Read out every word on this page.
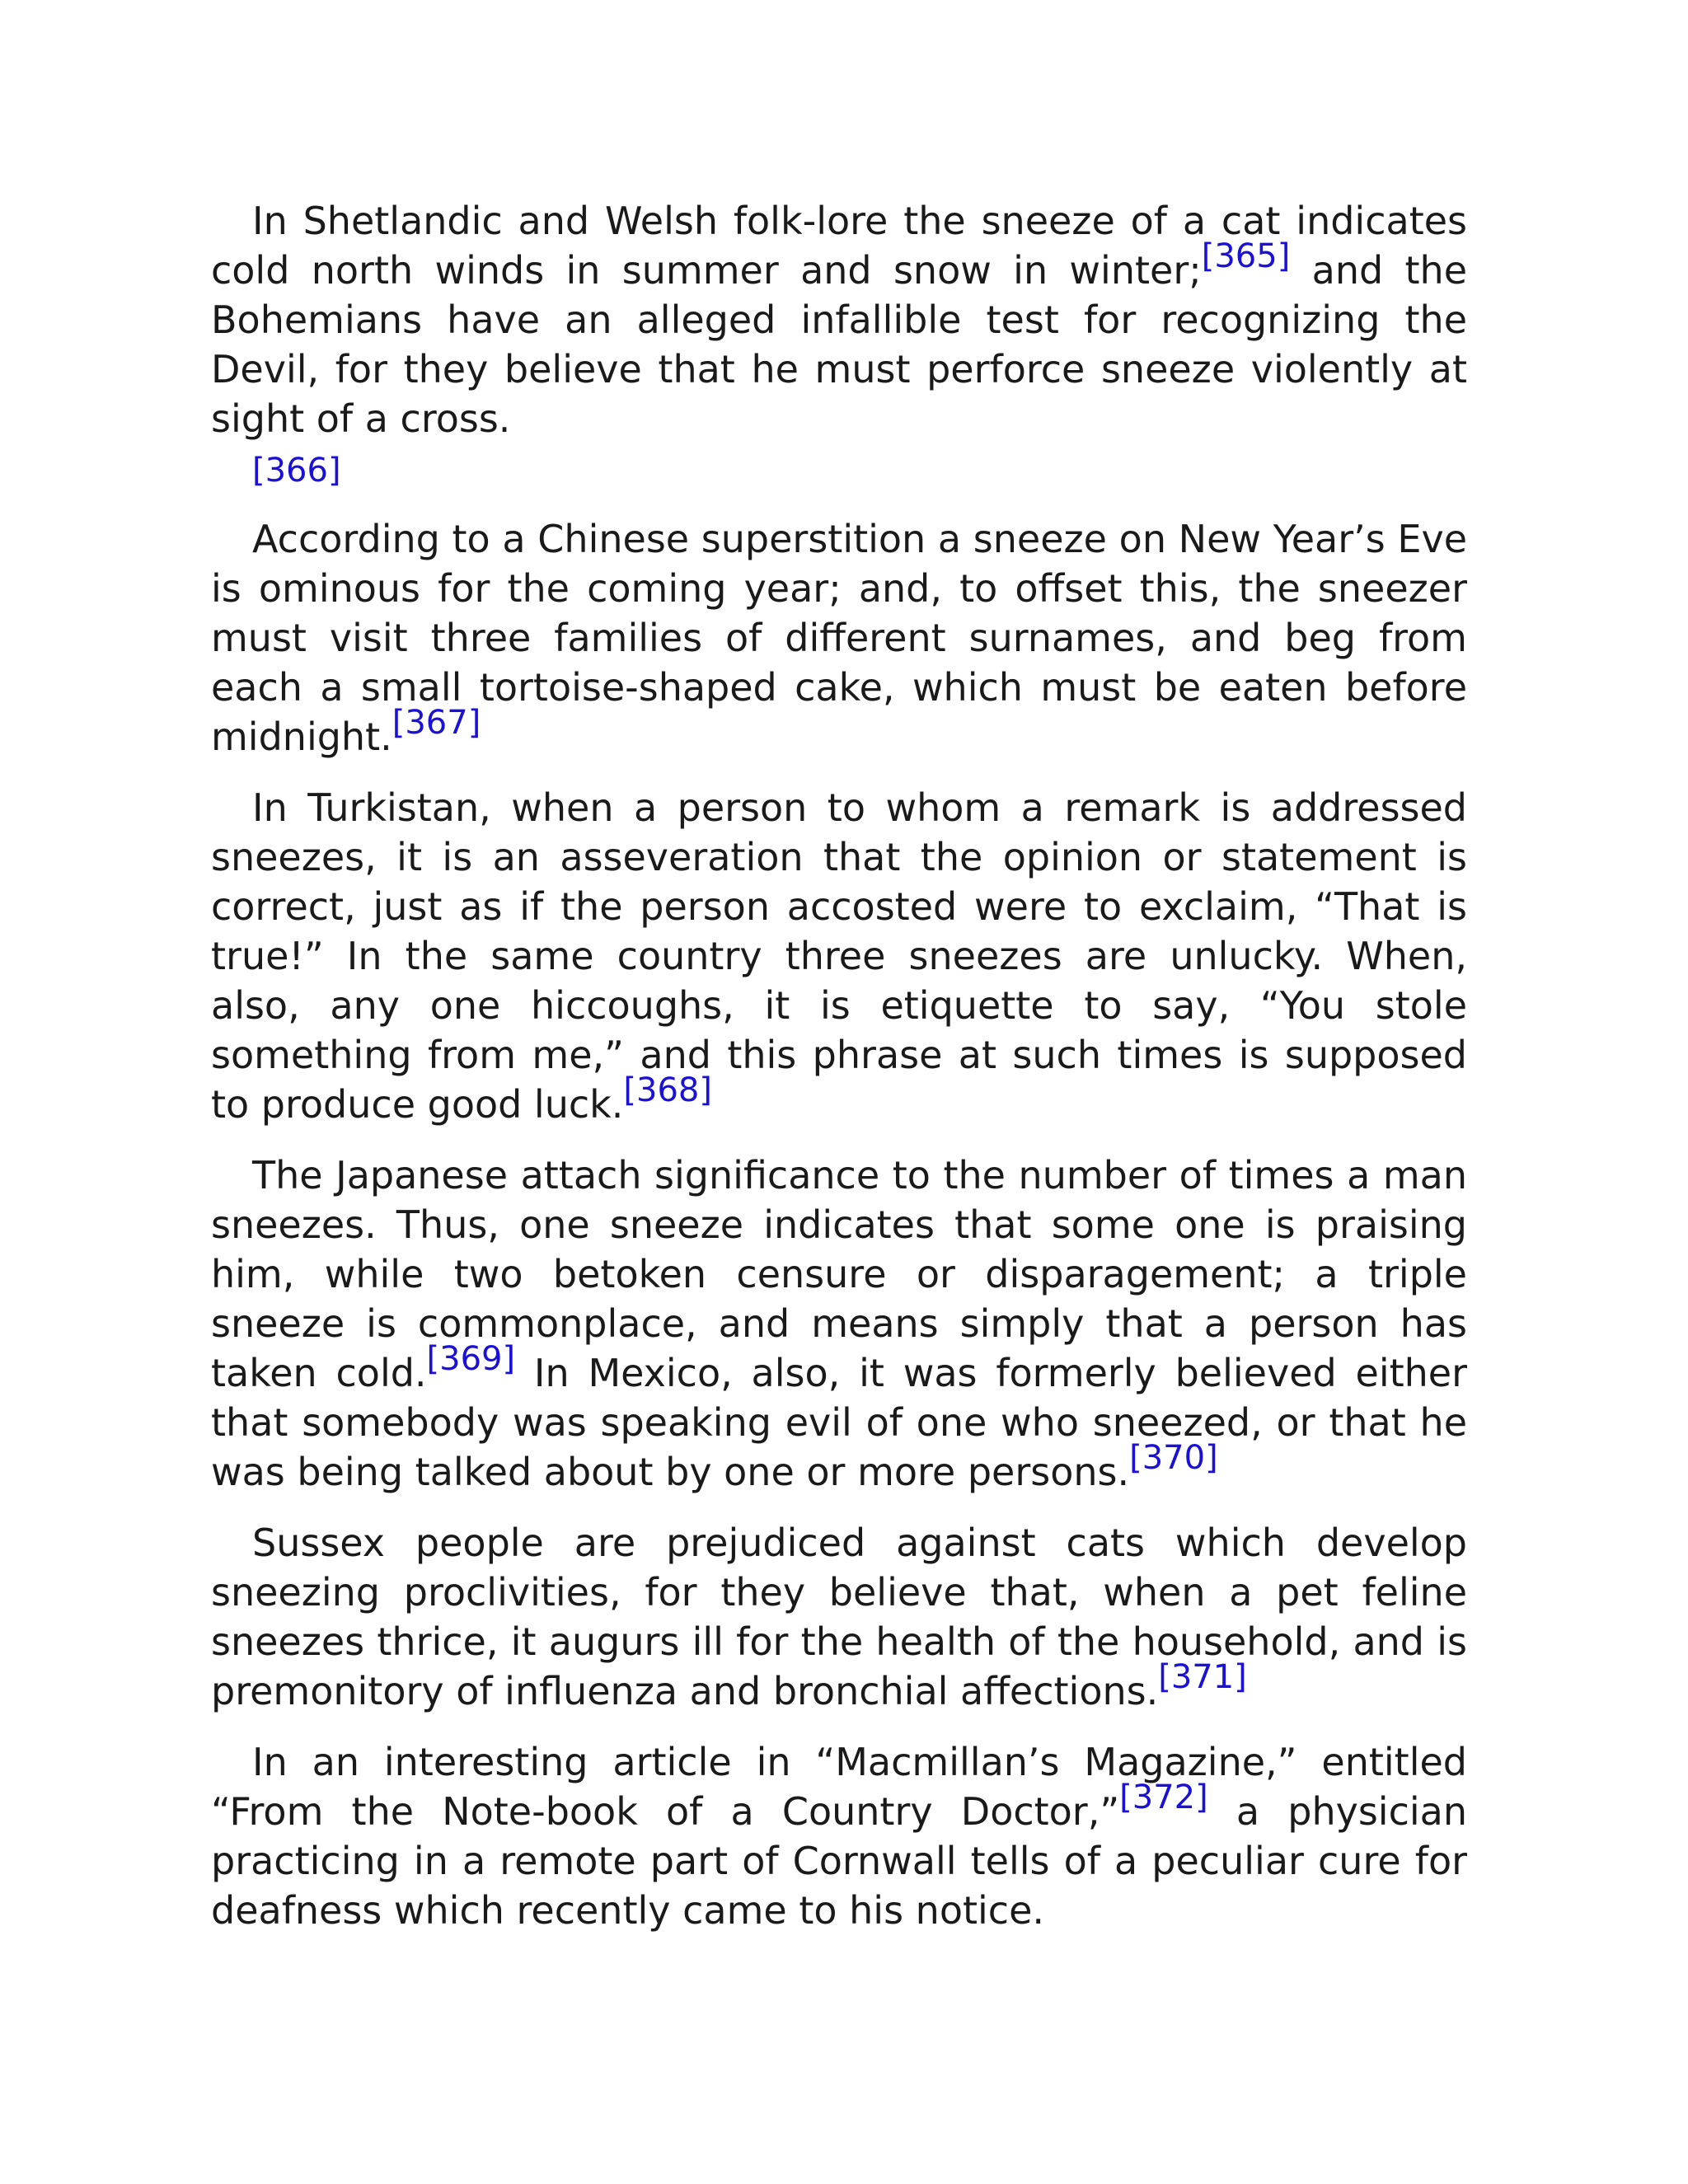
In Shetlandic and Welsh folk-lore the sneeze of a cat indicates cold north winds in summer and snow in winter;[365] and the Bohemians have an alleged infallible test for recognizing the Devil, for they believe that he must perforce sneeze violently at sight of a cross.
[366]

According to a Chinese superstition a sneeze on New Year’s Eve is ominous for the coming year; and, to offset this, the sneezer must visit three families of different surnames, and beg from each a small tortoise-shaped cake, which must be eaten before midnight.[367]

In Turkistan, when a person to whom a remark is addressed sneezes, it is an asseveration that the opinion or statement is correct, just as if the person accosted were to exclaim, “That is true!” In the same country three sneezes are unlucky. When, also, any one hiccoughs, it is etiquette to say, “You stole something from me,” and this phrase at such times is supposed to produce good luck.[368]

The Japanese attach significance to the number of times a man sneezes. Thus, one sneeze indicates that some one is praising him, while two betoken censure or disparagement; a triple sneeze is commonplace, and means simply that a person has taken cold.[369] In Mexico, also, it was formerly believed either that somebody was speaking evil of one who sneezed, or that he was being talked about by one or more persons.[370]

Sussex people are prejudiced against cats which develop sneezing proclivities, for they believe that, when a pet feline sneezes thrice, it augurs ill for the health of the household, and is premonitory of influenza and bronchial affections.[371]

In an interesting article in “Macmillan’s Magazine,” entitled “From the Note-book of a Country Doctor,”[372] a physician practicing in a remote part of Cornwall tells of a peculiar cure for deafness which recently came to his notice.
